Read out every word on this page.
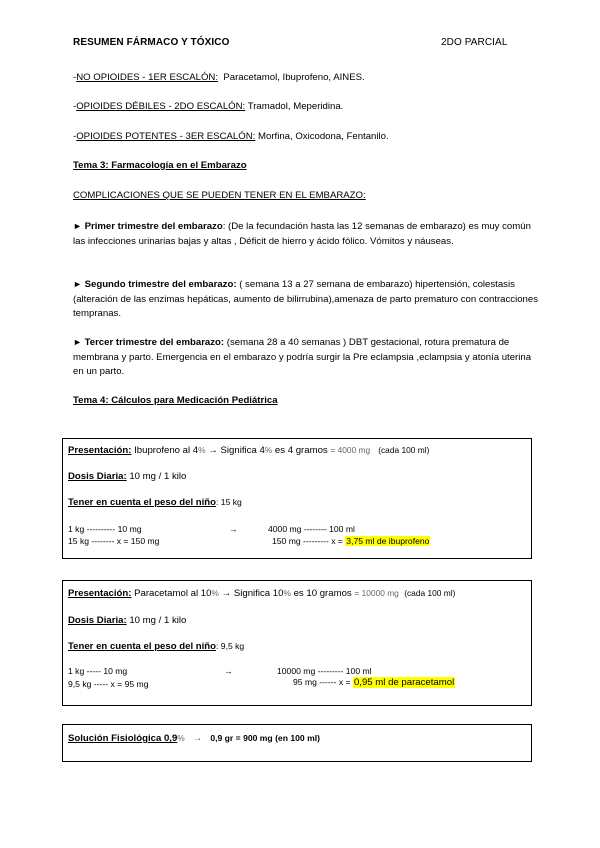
RESUMEN FÁRMACO Y TÓXICO	2DO PARCIAL
-NO OPIOIDES - 1ER ESCALÓN: Paracetamol, Ibuprofeno, AINES.
-OPIOIDES DÉBILES - 2DO ESCALÓN: Tramadol, Meperidina.
-OPIOIDES POTENTES - 3ER ESCALÓN: Morfina, Oxicodona, Fentanilo.
Tema 3: Farmacología en el Embarazo
COMPLICACIONES QUE SE PUEDEN TENER EN EL EMBARAZO:
► Primer trimestre del embarazo: (De la fecundación hasta las 12 semanas de embarazo) es muy común las infecciones urinarias bajas y altas , Déficit de hierro y ácido fólico. Vómitos y náuseas.
► Segundo trimestre del embarazo: ( semana 13 a 27 semana de embarazo) hipertensión, colestasis (alteración de las enzimas hepáticas, aumento de bilirrubina),amenaza de parto prematuro con contracciones tempranas.
► Tercer trimestre del embarazo: (semana 28 a 40 semanas ) DBT gestacional, rotura prematura de membrana y parto. Emergencia en el embarazo y podría surgir la Pre eclampsia ,eclampsia y atonía uterina en un parto.
Tema 4: Cálculos para Medicación Pediátrica
Presentación: Ibuprofeno al 4% → Significa 4% es 4 gramos = 4000 mg (cada 100 ml)
Dosis Diaria: 10 mg / 1 kilo
Tener en cuenta el peso del niño: 15 kg
1 kg ---------- 10 mg	→	4000 mg -------- 100 ml
15 kg -------- x = 150 mg	150 mg --------- x = 3,75 ml de ibuprofeno
Presentación: Paracetamol al 10% → Significa 10% es 10 gramos = 10000 mg (cada 100 ml)
Dosis Diaria: 10 mg / 1 kilo
Tener en cuenta el peso del niño: 9,5 kg
1 kg ----- 10 mg	→	10000 mg --------- 100 ml
9,5 kg ----- x = 95 mg	95 mg ------ x = 0,95 ml de paracetamol
Solución Fisiológica 0,9% → 0,9 gr = 900 mg (en 100 ml)
